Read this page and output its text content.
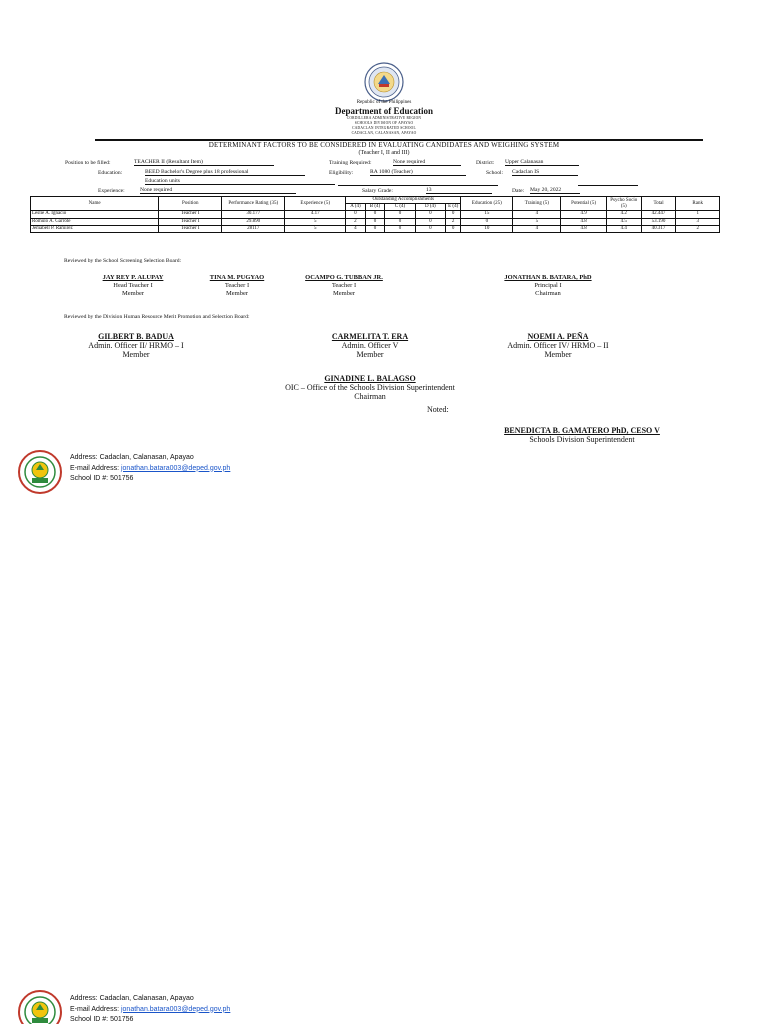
Republic of the Philippines
Department of Education
CORDILLERA ADMINISTRATIVE REGION
SCHOOLS DIVISION OF APAYAO
CADACLAN INTEGRATED SCHOOL
CADACLAN, CALANASAN, APAYAO
DETERMINANT FACTORS TO BE CONSIDERED IN EVALUATING CANDIDATES AND WEIGHING SYSTEM
(Teacher I, II and III)
Position to be filled:	TEACHER II (Resultant Item)	Training Required:	None required	District: Upper Calanasan
Education:	BEED Bachelor's Degree plus 18 professional	Eligibility:	RA 1080 (Teacher)	School: Cadaclan IS
Education units
Experience:	None required	Salary Grade:	13	Date: May 20, 2022
Name	Position	Performance Rating (35)	Experience (5)	Outstanding Accomplishments					Education (25)	Training (5)	Potential (5)	Psycho Socio (5)	Total	Rank
				A (4)	B (4)	C (4)	D (4)	E (4)						
Leslie A. Ignacio	Teacher I	30.177	4.17	0	0	0	0	0	15	4	4.9	4.2	42.447	1
Romulo A. Garrote	Teacher I	29.890	5	2	0	0	0	2	0	5	4.8	4.5	53.190	3
Jemabell P. Ramirez	Teacher I	28117	5	4	0	0	0	0	10	4	4.8	4.4	40.317	2
Reviewed by the School Screening Selection Board:
JAY REY P. ALUPAY
Head Teacher I
Member
TINA M. PUGYAO
Teacher I
Member
OCAMPO G. TUBBAN JR.
Teacher I
Member
JONATHAN B. BATARA, PhD
Principal I
Chairman
Reviewed by the Division Human Resource Merit Promotion and Selection Board:
GILBERT B. BADUA
Admin. Officer II/ HRMO – I
Member
CARMELITA T. ERA
Admin. Officer V
Member
NOEMI A. PEÑA
Admin. Officer IV/ HRMO – II
Member
GINADINE L. BALAGSO
OIC – Office of the Schools Division Superintendent
Chairman
Noted:
BENEDICTA B. GAMATERO PhD, CESO V
Schools Division Superintendent
Address: Cadaclan, Calanasan, Apayao
E-mail Address: jonathan.batara003@deped.gov.ph
School ID #: 501756
Address: Cadaclan, Calanasan, Apayao
E-mail Address: jonathan.batara003@deped.gov.ph
School ID #: 501756
